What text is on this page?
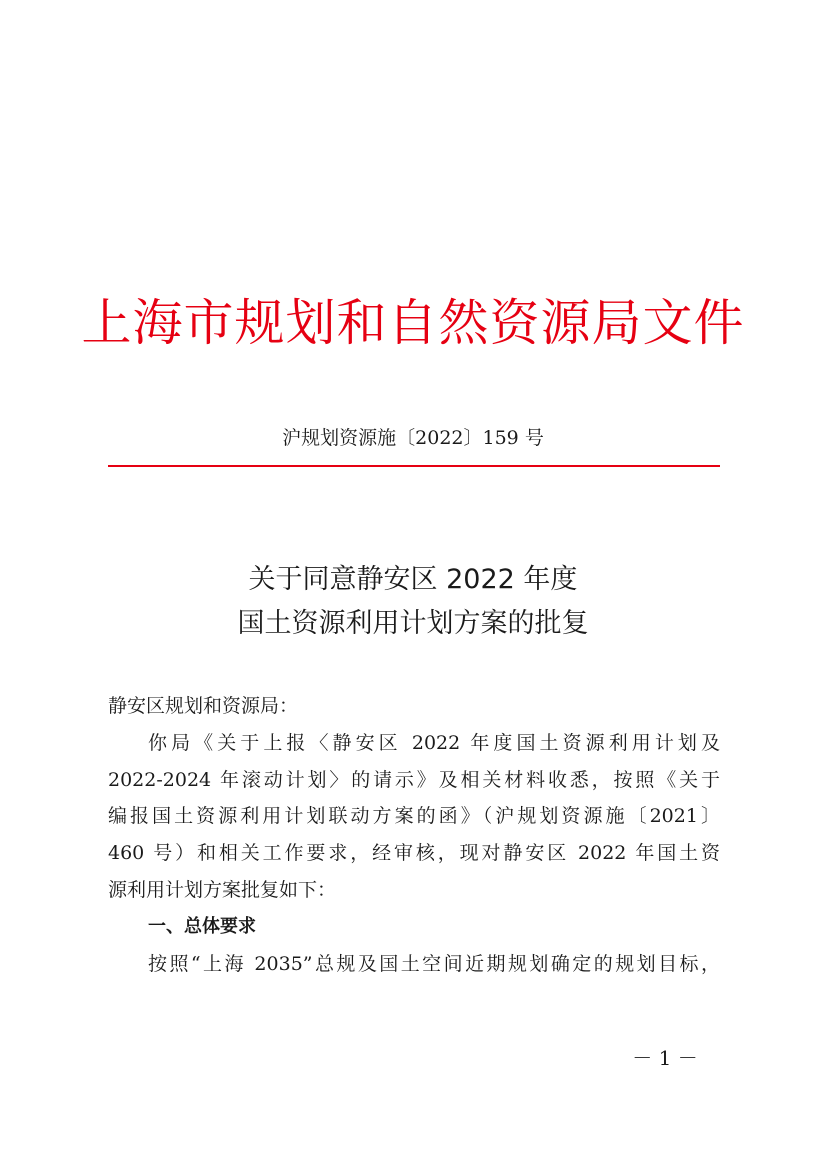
上海市规划和自然资源局文件
沪规划资源施〔2022〕159 号
关于同意静安区 2022 年度
国土资源利用计划方案的批复
静安区规划和资源局：
你局《关于上报〈静安区 2022 年度国土资源利用计划及
2022-2024 年滚动计划〉的请示》及相关材料收悉，按照《关于
编报国土资源利用计划联动方案的函》（沪规划资源施〔2021〕
460 号）和相关工作要求，经审核，现对静安区 2022 年国土资
源利用计划方案批复如下：
一、总体要求
按照“上海 2035”总规及国土空间近期规划确定的规划目标，
－ 1 －
